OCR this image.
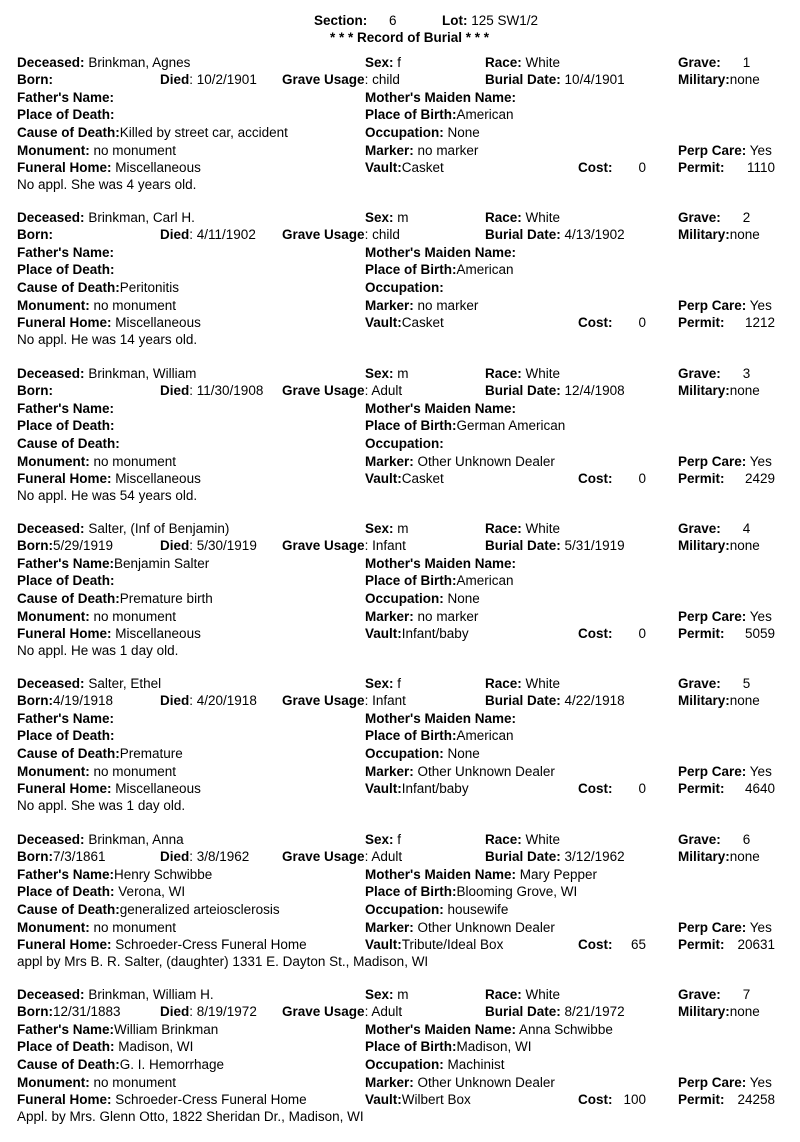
Section: 6	Lot: 125 SW1/2
* * * Record of Burial * * *
Deceased: Brinkman, Agnes	Sex: f	Race: White	Grave: 1
Born:	Died: 10/2/1901 Grave Usage: child	Burial Date: 10/4/1901	Military:none
Father's Name:	Mother's Maiden Name:
Place of Death:	Place of Birth:American
Cause of Death:Killed by street car, accident	Occupation: None
Monument: no monument	Marker: no marker	Perp Care: Yes
Funeral Home: Miscellaneous	Vault:Casket	Cost: 0 Permit: 1110
No appl. She was 4 years old.
Deceased: Brinkman, Carl H.	Sex: m	Race: White	Grave: 2
Born:	Died: 4/11/1902 Grave Usage: child	Burial Date: 4/13/1902	Military:none
Father's Name:	Mother's Maiden Name:
Place of Death:	Place of Birth:American
Cause of Death:Peritonitis	Occupation:
Monument: no monument	Marker: no marker	Perp Care: Yes
Funeral Home: Miscellaneous	Vault:Casket	Cost: 0 Permit: 1212
No appl. He was 14 years old.
Deceased: Brinkman, William	Sex: m	Race: White	Grave: 3
Born:	Died: 11/30/1908 Grave Usage: Adult	Burial Date: 12/4/1908	Military:none
Father's Name:	Mother's Maiden Name:
Place of Death:	Place of Birth:German American
Cause of Death:	Occupation:
Monument: no monument	Marker: Other Unknown Dealer	Perp Care: Yes
Funeral Home: Miscellaneous	Vault:Casket	Cost: 0 Permit: 2429
No appl. He was 54 years old.
Deceased: Salter, (Inf of Benjamin)	Sex: m	Race: White	Grave: 4
Born:5/29/1919	Died: 5/30/1919 Grave Usage: Infant	Burial Date: 5/31/1919	Military:none
Father's Name:Benjamin Salter	Mother's Maiden Name:
Place of Death:	Place of Birth:American
Cause of Death:Premature birth	Occupation: None
Monument: no monument	Marker: no marker	Perp Care: Yes
Funeral Home: Miscellaneous	Vault:Infant/baby	Cost: 0 Permit: 5059
No appl. He was 1 day old.
Deceased: Salter, Ethel	Sex: f	Race: White	Grave: 5
Born:4/19/1918	Died: 4/20/1918 Grave Usage: Infant	Burial Date: 4/22/1918	Military:none
Father's Name:	Mother's Maiden Name:
Place of Death:	Place of Birth:American
Cause of Death:Premature	Occupation: None
Monument: no monument	Marker: Other Unknown Dealer	Perp Care: Yes
Funeral Home: Miscellaneous	Vault:Infant/baby	Cost: 0 Permit: 4640
No appl. She was 1 day old.
Deceased: Brinkman, Anna	Sex: f	Race: White	Grave: 6
Born:7/3/1861	Died: 3/8/1962 Grave Usage: Adult	Burial Date: 3/12/1962	Military:none
Father's Name:Henry Schwibbe	Mother's Maiden Name: Mary Pepper
Place of Death: Verona, WI	Place of Birth:Blooming Grove, WI
Cause of Death:generalized arteiosclerosis	Occupation: housewife
Monument: no monument	Marker: Other Unknown Dealer	Perp Care: Yes
Funeral Home: Schroeder-Cress Funeral Home	Vault:Tribute/Ideal Box	Cost: 65 Permit: 20631
appl by Mrs B. R. Salter, (daughter) 1331 E. Dayton St., Madison, WI
Deceased: Brinkman, William H.	Sex: m	Race: White	Grave: 7
Born:12/31/1883	Died: 8/19/1972 Grave Usage: Adult	Burial Date: 8/21/1972	Military:none
Father's Name:William Brinkman	Mother's Maiden Name: Anna Schwibbe
Place of Death: Madison, WI	Place of Birth:Madison, WI
Cause of Death:G. I. Hemorrhage	Occupation: Machinist
Monument: no monument	Marker: Other Unknown Dealer	Perp Care: Yes
Funeral Home: Schroeder-Cress Funeral Home	Vault:Wilbert Box	Cost: 100 Permit: 24258
Appl. by Mrs. Glenn Otto, 1822 Sheridan Dr., Madison, WI
